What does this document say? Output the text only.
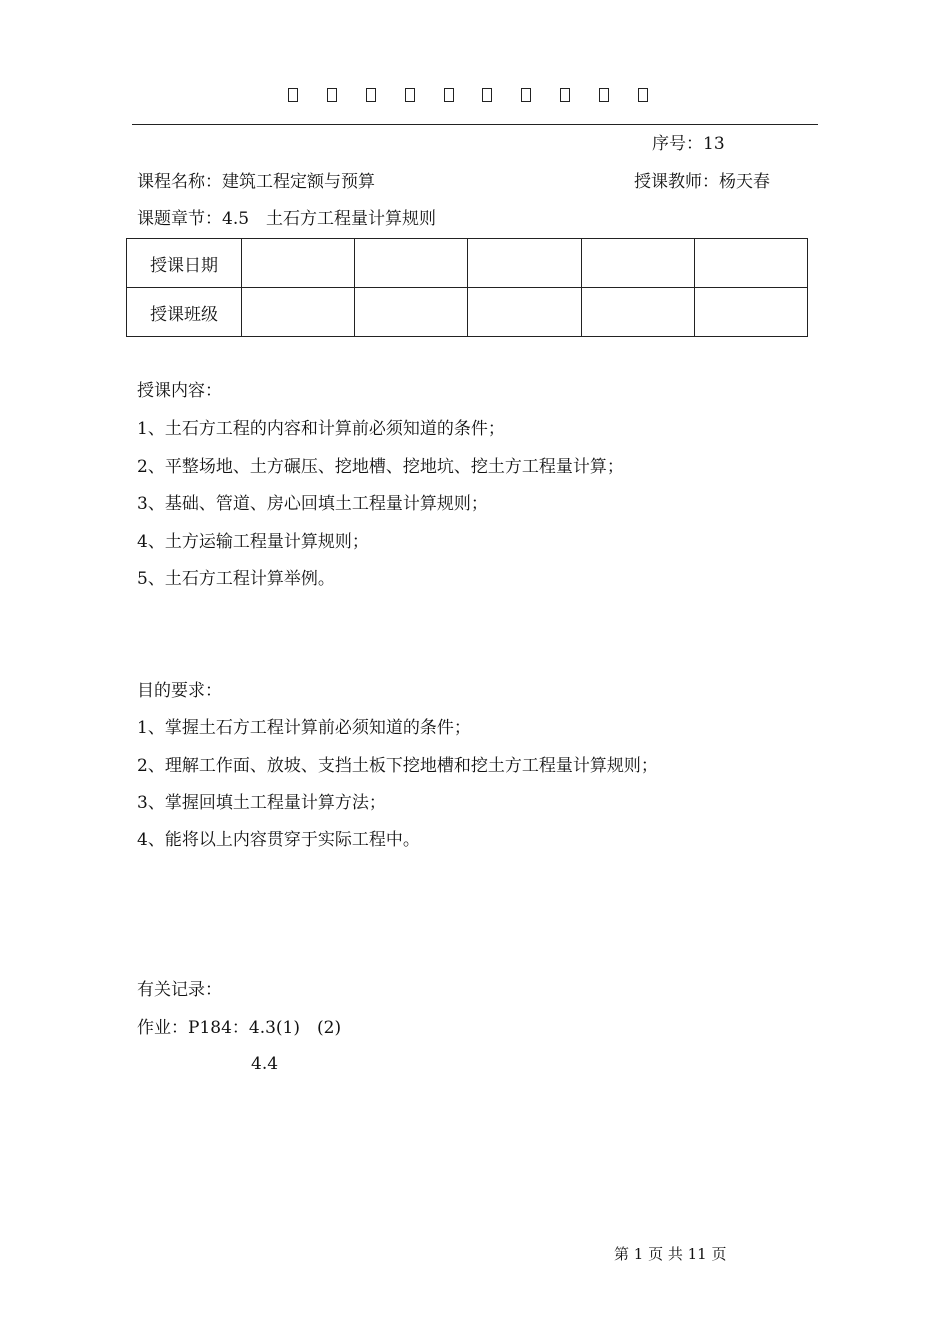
序号：13
课程名称：建筑工程定额与预算	授课教师：杨天春
课题章节：4.5　土石方工程量计算规则
授课日期					
授课班级					
授课内容：
1、土石方工程的内容和计算前必须知道的条件；
2、平整场地、土方碾压、挖地槽、挖地坑、挖土方工程量计算；
3、基础、管道、房心回填土工程量计算规则；
4、土方运输工程量计算规则；
5、土石方工程计算举例。
目的要求：
1、掌握土石方工程计算前必须知道的条件；
2、理解工作面、放坡、支挡土板下挖地槽和挖土方工程量计算规则；
3、掌握回填土工程量计算方法；
4、能将以上内容贯穿于实际工程中。
有关记录：
作业：P184：4.3(1)　(2)
4.4
第 1 页 共 11 页
